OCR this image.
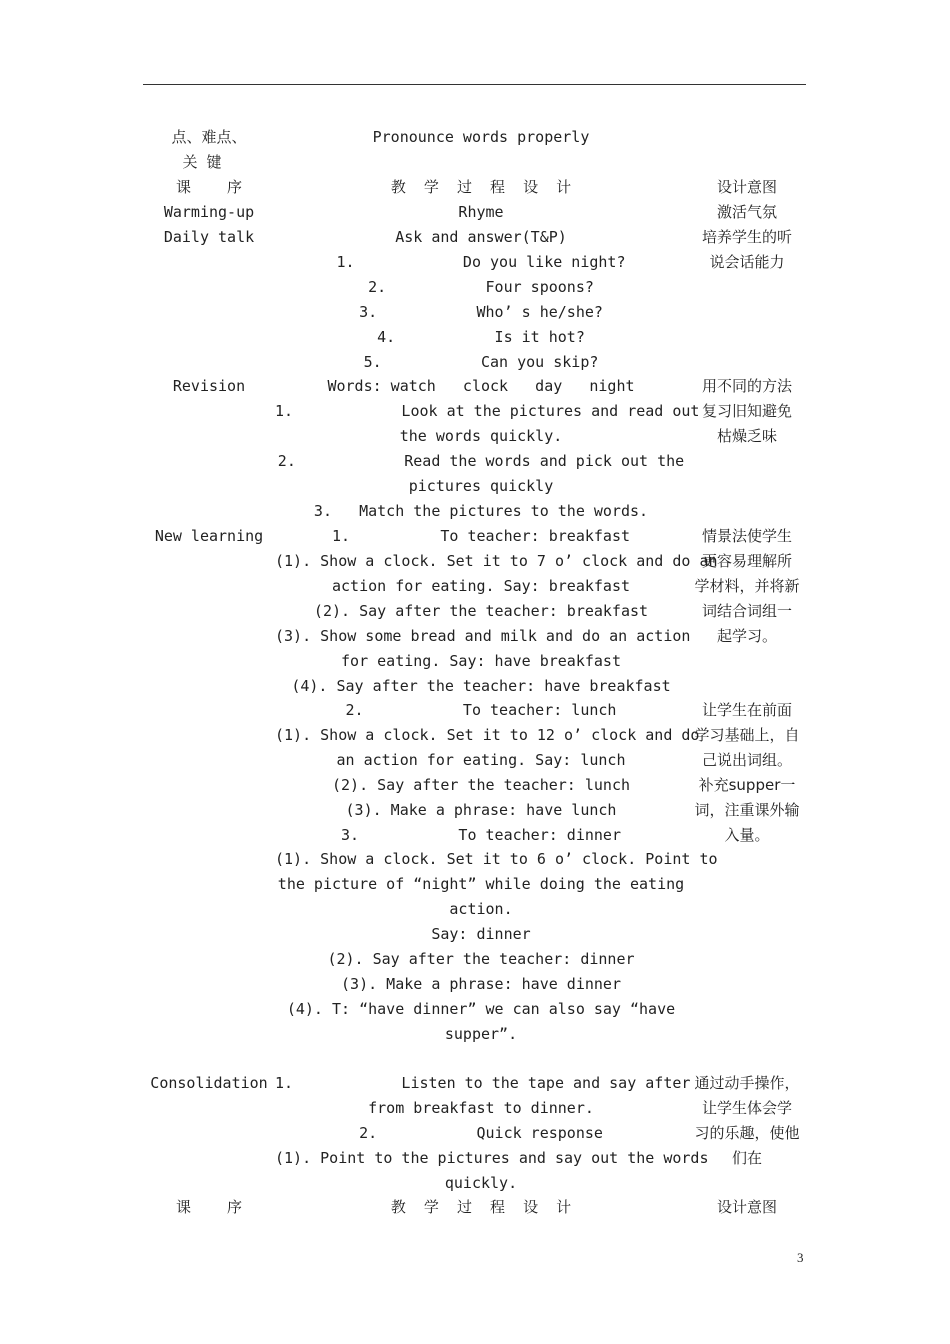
点、难点、
关 键
课    序
Warming-up
Daily talk
Revision
New learning
Consolidation
课    序
Pronounce words properly
教  学  过  程  设  计
Rhyme
Ask and answer(T&P)
1.            Do you like night?
2.           Four spoons?
3.           Who’ s he/she?
4.           Is it hot?
5.           Can you skip?
Words: watch   clock   day   night
1.            Look at the pictures and read out
the words quickly.
2.            Read the words and pick out the
pictures quickly
3.   Match the pictures to the words.
1.          To teacher: breakfast
(1). Show a clock. Set it to 7 o’ clock and do an
action for eating. Say: breakfast
(2). Say after the teacher: breakfast
(3). Show some bread and milk and do an action
for eating. Say: have breakfast
(4). Say after the teacher: have breakfast
2.           To teacher: lunch
(1). Show a clock. Set it to 12 o’ clock and do
an action for eating. Say: lunch
(2). Say after the teacher: lunch
(3). Make a phrase: have lunch
3.           To teacher: dinner
(1). Show a clock. Set it to 6 o’ clock. Point to
the picture of “night” while doing the eating
action.
Say: dinner
(2). Say after the teacher: dinner
(3). Make a phrase: have dinner
(4). T: “have dinner” we can also say “have
supper”.
1.            Listen to the tape and say after
from breakfast to dinner.
2.           Quick response
(1). Point to the pictures and say out the words
quickly.
教  学  过  程  设  计
设计意图
激活气氛
培养学生的听
说会话能力
用不同的方法
复习旧知避免
枯燥乏味
情景法使学生
更容易理解所
学材料，并将新
词结合词组一
起学习。
让学生在前面
学习基础上，自
己说出词组。
补充supper一
词，注重课外输
入量。
通过动手操作，
让学生体会学
习的乐趣，使他
们在
设计意图
3
